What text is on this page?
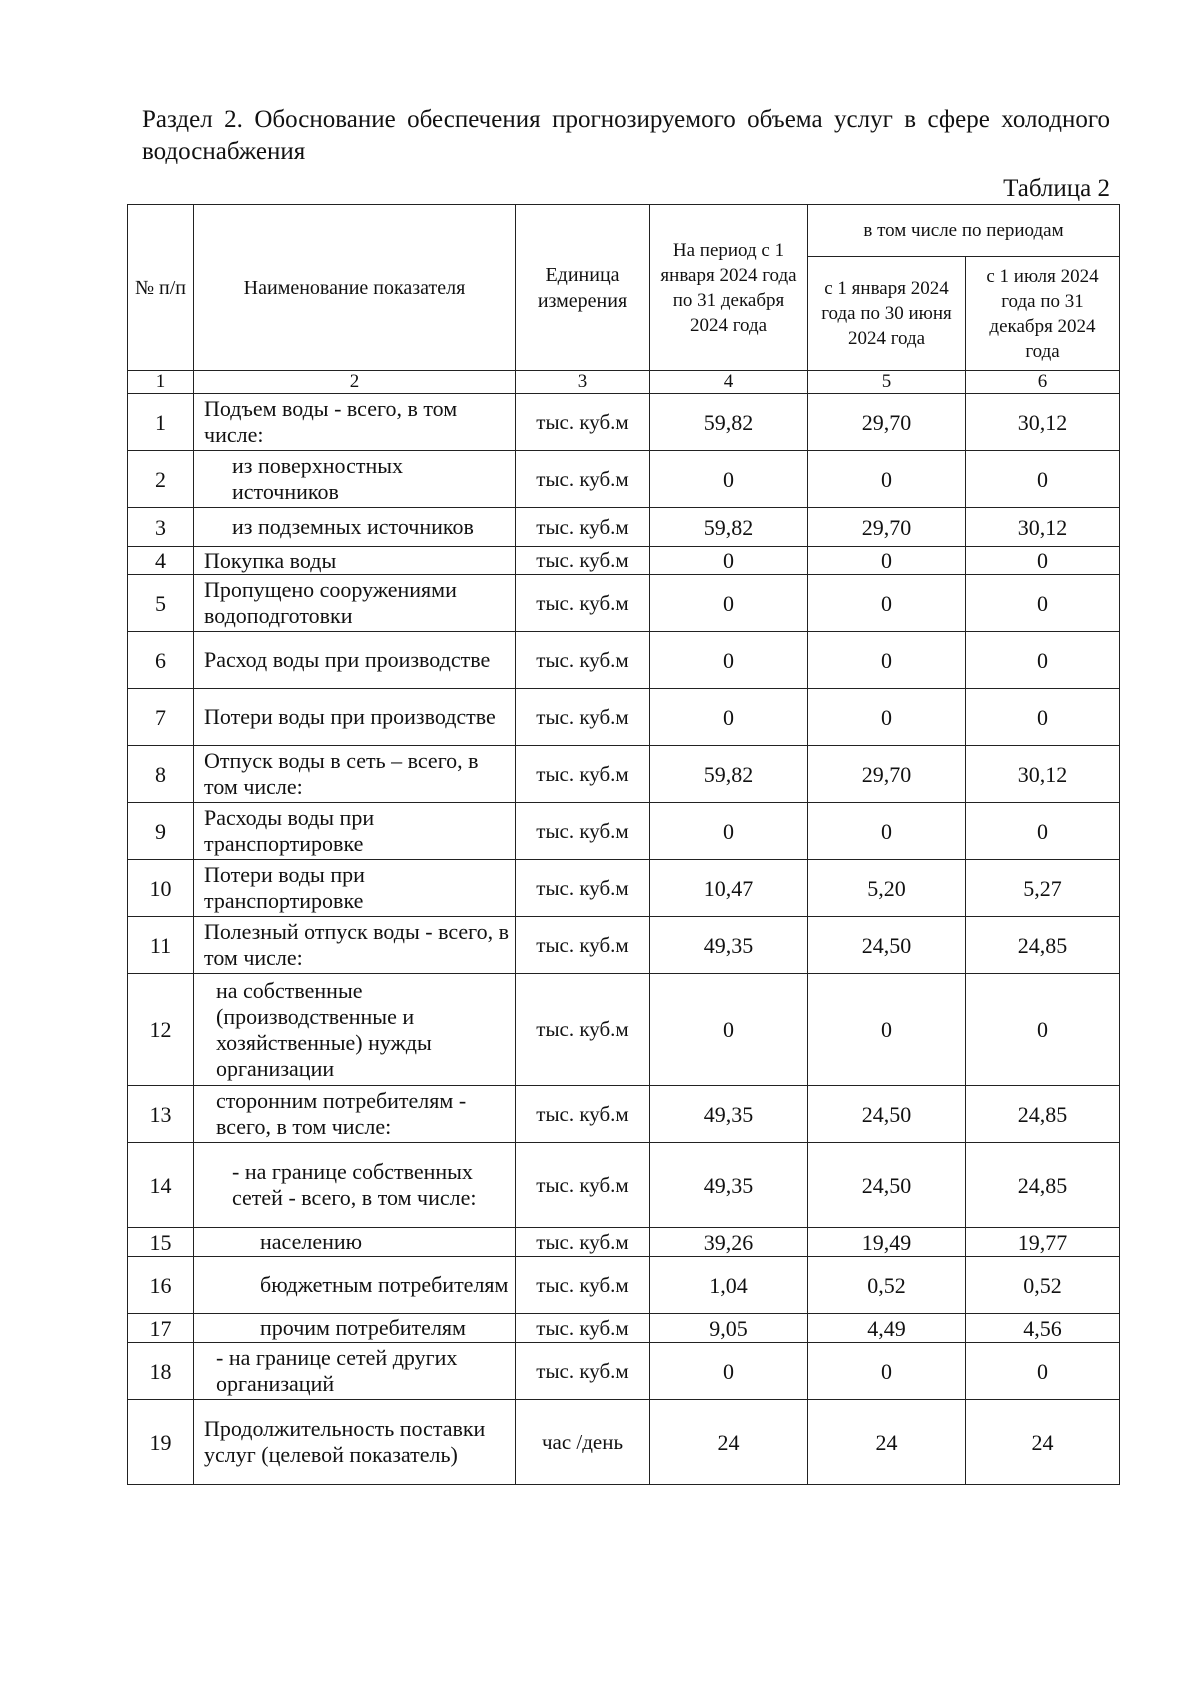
Раздел 2. Обоснование обеспечения прогнозируемого объема услуг в сфере холодного водоснабжения
Таблица 2
№ п/п	Наименование показателя	Единица измерения	На период с 1 января 2024 года по 31 декабря 2024 года	в том числе по периодам	
				с 1 января 2024 года по 30 июня 2024 года	с 1 июля 2024 года по 31 декабря 2024 года
1	2	3	4	5	6
1	Подъем воды - всего, в том числе:	тыс. куб.м	59,82	29,70	30,12
2	из поверхностных источников	тыс. куб.м	0	0	0
3	из подземных источников	тыс. куб.м	59,82	29,70	30,12
4	Покупка воды	тыс. куб.м	0	0	0
5	Пропущено сооружениями водоподготовки	тыс. куб.м	0	0	0
6	Расход воды при производстве	тыс. куб.м	0	0	0
7	Потери воды при производстве	тыс. куб.м	0	0	0
8	Отпуск воды в сеть – всего, в том числе:	тыс. куб.м	59,82	29,70	30,12
9	Расходы воды при транспортировке	тыс. куб.м	0	0	0
10	Потери воды при транспортировке	тыс. куб.м	10,47	5,20	5,27
11	Полезный отпуск воды - всего, в том числе:	тыс. куб.м	49,35	24,50	24,85
12	на собственные (производственные и хозяйственные) нужды организации	тыс. куб.м	0	0	0
13	сторонним потребителям - всего, в том числе:	тыс. куб.м	49,35	24,50	24,85
14	- на границе собственных сетей - всего, в том числе:	тыс. куб.м	49,35	24,50	24,85
15	населению	тыс. куб.м	39,26	19,49	19,77
16	бюджетным потребителям	тыс. куб.м	1,04	0,52	0,52
17	прочим потребителям	тыс. куб.м	9,05	4,49	4,56
18	- на границе сетей других организаций	тыс. куб.м	0	0	0
19	Продолжительность поставки услуг (целевой показатель)	час /день	24	24	24
